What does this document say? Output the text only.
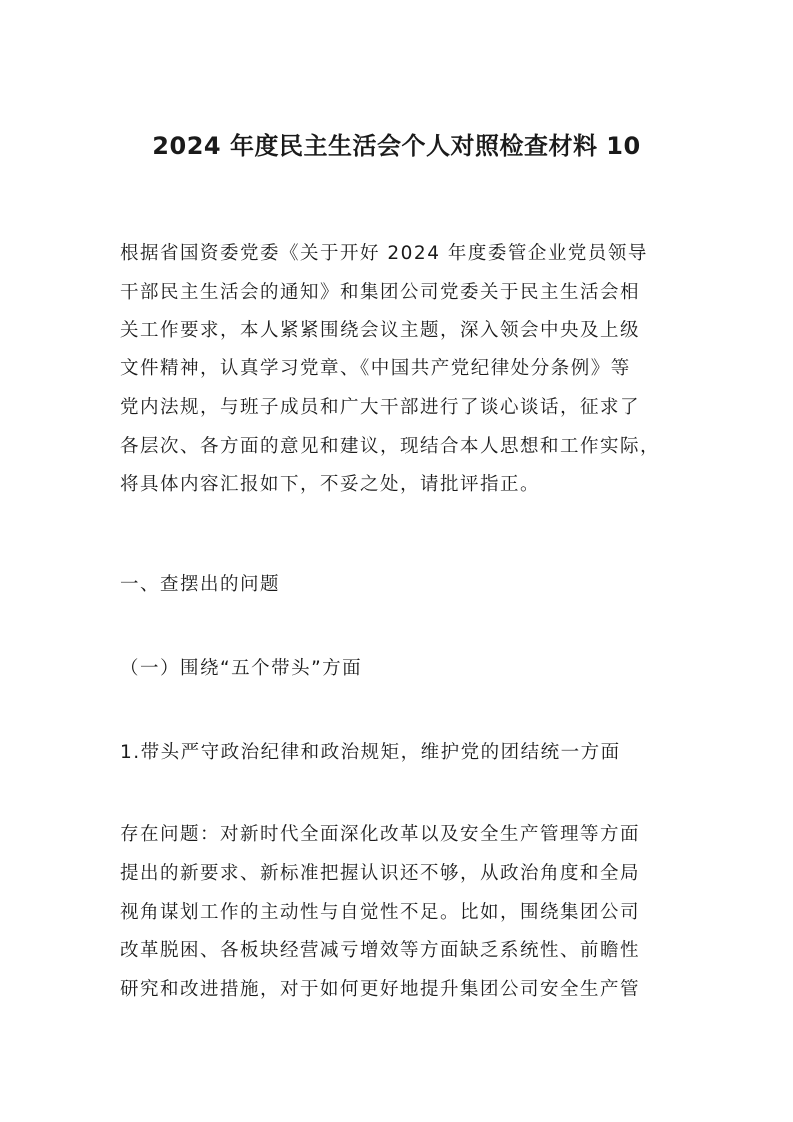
2024 年度民主生活会个人对照检查材料 10

根据省国资委党委《关于开好 2024 年度委管企业党员领导

干部民主生活会的通知》和集团公司党委关于民主生活会相

关工作要求，本人紧紧围绕会议主题，深入领会中央及上级

文件精神，认真学习党章、《中国共产党纪律处分条例》等

党内法规，与班子成员和广大干部进行了谈心谈话，征求了

各层次、各方面的意见和建议，现结合本人思想和工作实际，

将具体内容汇报如下，不妥之处，请批评指正。

一、查摆出的问题

（一）围绕“五个带头”方面

1.带头严守政治纪律和政治规矩，维护党的团结统一方面

存在问题：对新时代全面深化改革以及安全生产管理等方面

提出的新要求、新标准把握认识还不够，从政治角度和全局

视角谋划工作的主动性与自觉性不足。比如，围绕集团公司

改革脱困、各板块经营减亏增效等方面缺乏系统性、前瞻性

研究和改进措施，对于如何更好地提升集团公司安全生产管
